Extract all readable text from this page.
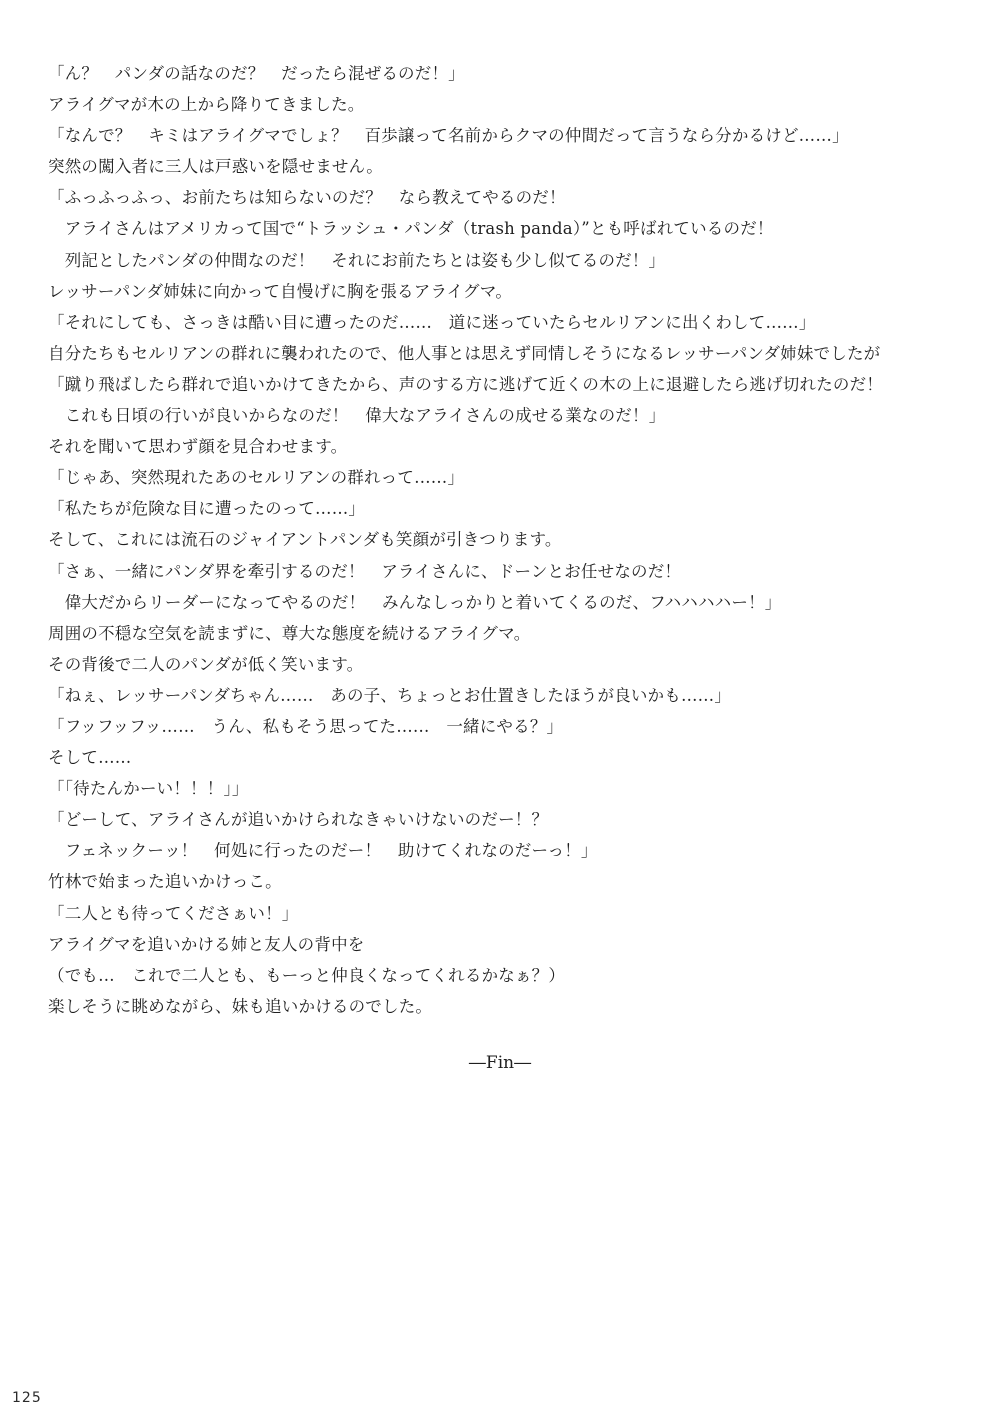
「ん？　パンダの話なのだ？　だったら混ぜるのだ！」
アライグマが木の上から降りてきました。
「なんで？　キミはアライグマでしょ？　百歩譲って名前からクマの仲間だって言うなら分かるけど……」
突然の闖入者に三人は戸惑いを隠せません。
「ふっふっふっ、お前たちは知らないのだ？　なら教えてやるのだ！
　アライさんはアメリカって国で“トラッシュ・パンダ（trash panda）”とも呼ばれているのだ！
　列記としたパンダの仲間なのだ！　それにお前たちとは姿も少し似てるのだ！」
レッサーパンダ姉妹に向かって自慢げに胸を張るアライグマ。
「それにしても、さっきは酷い目に遭ったのだ……　道に迷っていたらセルリアンに出くわして……」
自分たちもセルリアンの群れに襲われたので、他人事とは思えず同情しそうになるレッサーパンダ姉妹でしたが
「蹴り飛ばしたら群れで追いかけてきたから、声のする方に逃げて近くの木の上に退避したら逃げ切れたのだ！
　これも日頃の行いが良いからなのだ！　偉大なアライさんの成せる業なのだ！」
それを聞いて思わず顔を見合わせます。
「じゃあ、突然現れたあのセルリアンの群れって……」
「私たちが危険な目に遭ったのって……」
そして、これには流石のジャイアントパンダも笑顔が引きつります。
「さぁ、一緒にパンダ界を牽引するのだ！　アライさんに、ドーンとお任せなのだ！
　偉大だからリーダーになってやるのだ！　みんなしっかりと着いてくるのだ、フハハハハー！」
周囲の不穏な空気を読まずに、尊大な態度を続けるアライグマ。
その背後で二人のパンダが低く笑います。
「ねぇ、レッサーパンダちゃん……　あの子、ちょっとお仕置きしたほうが良いかも……」
「フッフッフッ……　うん、私もそう思ってた……　一緒にやる？」
そして……
「「待たんかーい！！！」」
「どーして、アライさんが追いかけられなきゃいけないのだー！？
　フェネックーッ！　何処に行ったのだー！　助けてくれなのだーっ！」
竹林で始まった追いかけっこ。
「二人とも待ってくださぁい！」
アライグマを追いかける姉と友人の背中を
（でも…　これで二人とも、もーっと仲良くなってくれるかなぁ？）
楽しそうに眺めながら、妹も追いかけるのでした。
―Fin―
125
